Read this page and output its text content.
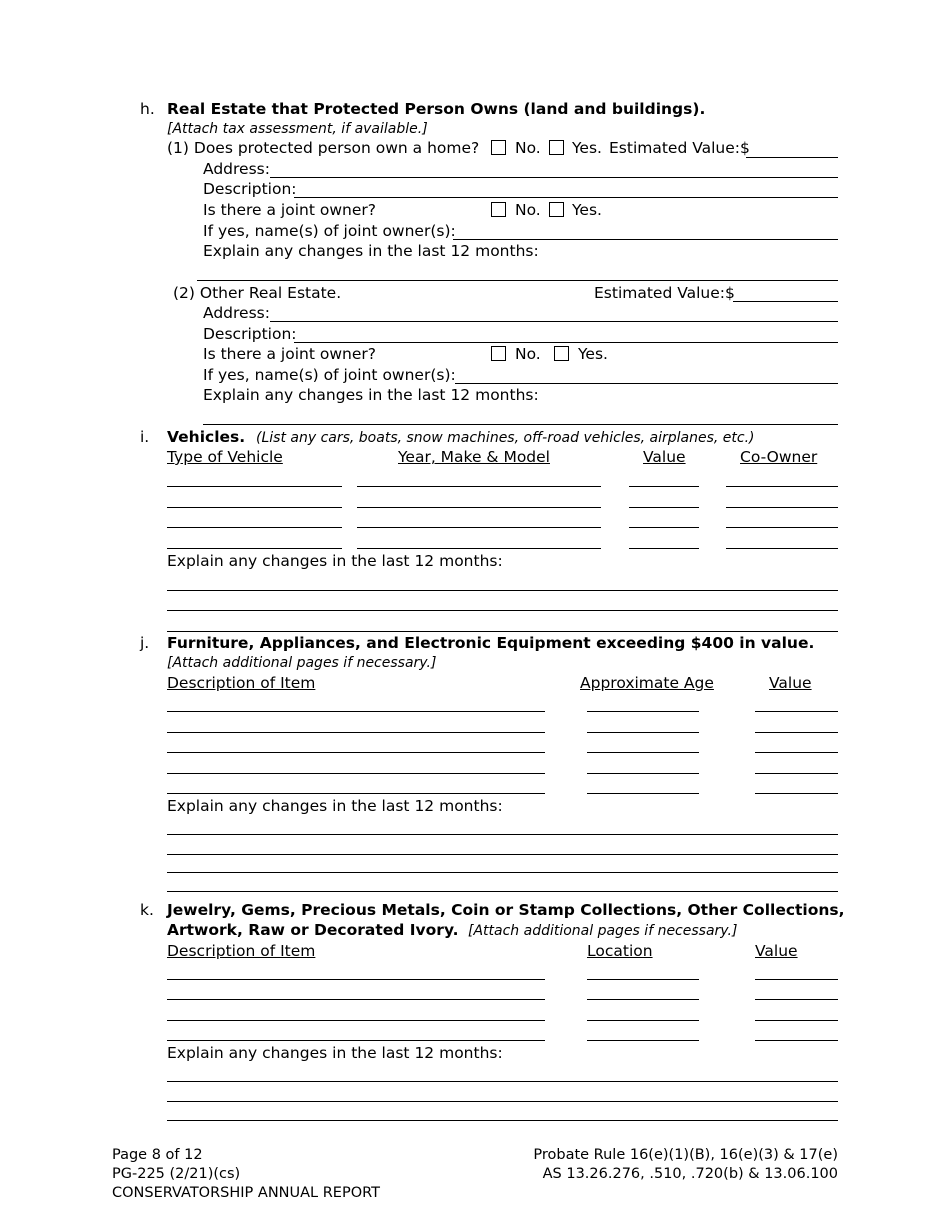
h. Real Estate that Protected Person Owns (land and buildings).
[Attach tax assessment, if available.]
(1) Does protected person own a home? No. Yes. Estimated Value:$
Address:
Description:
Is there a joint owner?	No. Yes.
If yes, name(s) of joint owner(s):
Explain any changes in the last 12 months:
(2) Other Real Estate.	Estimated Value:$
Address:
Description:
Is there a joint owner?	No. Yes.
If yes, name(s) of joint owner(s):
Explain any changes in the last 12 months:
i. Vehicles. (List any cars, boats, snow machines, off-road vehicles, airplanes, etc.)
Type of Vehicle	Year, Make & Model	Value	Co-Owner
Explain any changes in the last 12 months:
j. Furniture, Appliances, and Electronic Equipment exceeding $400 in value.
[Attach additional pages if necessary.]
Description of Item	Approximate Age	Value
Explain any changes in the last 12 months:
k. Jewelry, Gems, Precious Metals, Coin or Stamp Collections, Other Collections,
Artwork, Raw or Decorated Ivory. [Attach additional pages if necessary.]
Description of Item	Location	Value
Explain any changes in the last 12 months:
Page 8 of 12
PG-225 (2/21)(cs)
CONSERVATORSHIP ANNUAL REPORT
Probate Rule 16(e)(1)(B), 16(e)(3) & 17(e)
AS 13.26.276, .510, .720(b) & 13.06.100
